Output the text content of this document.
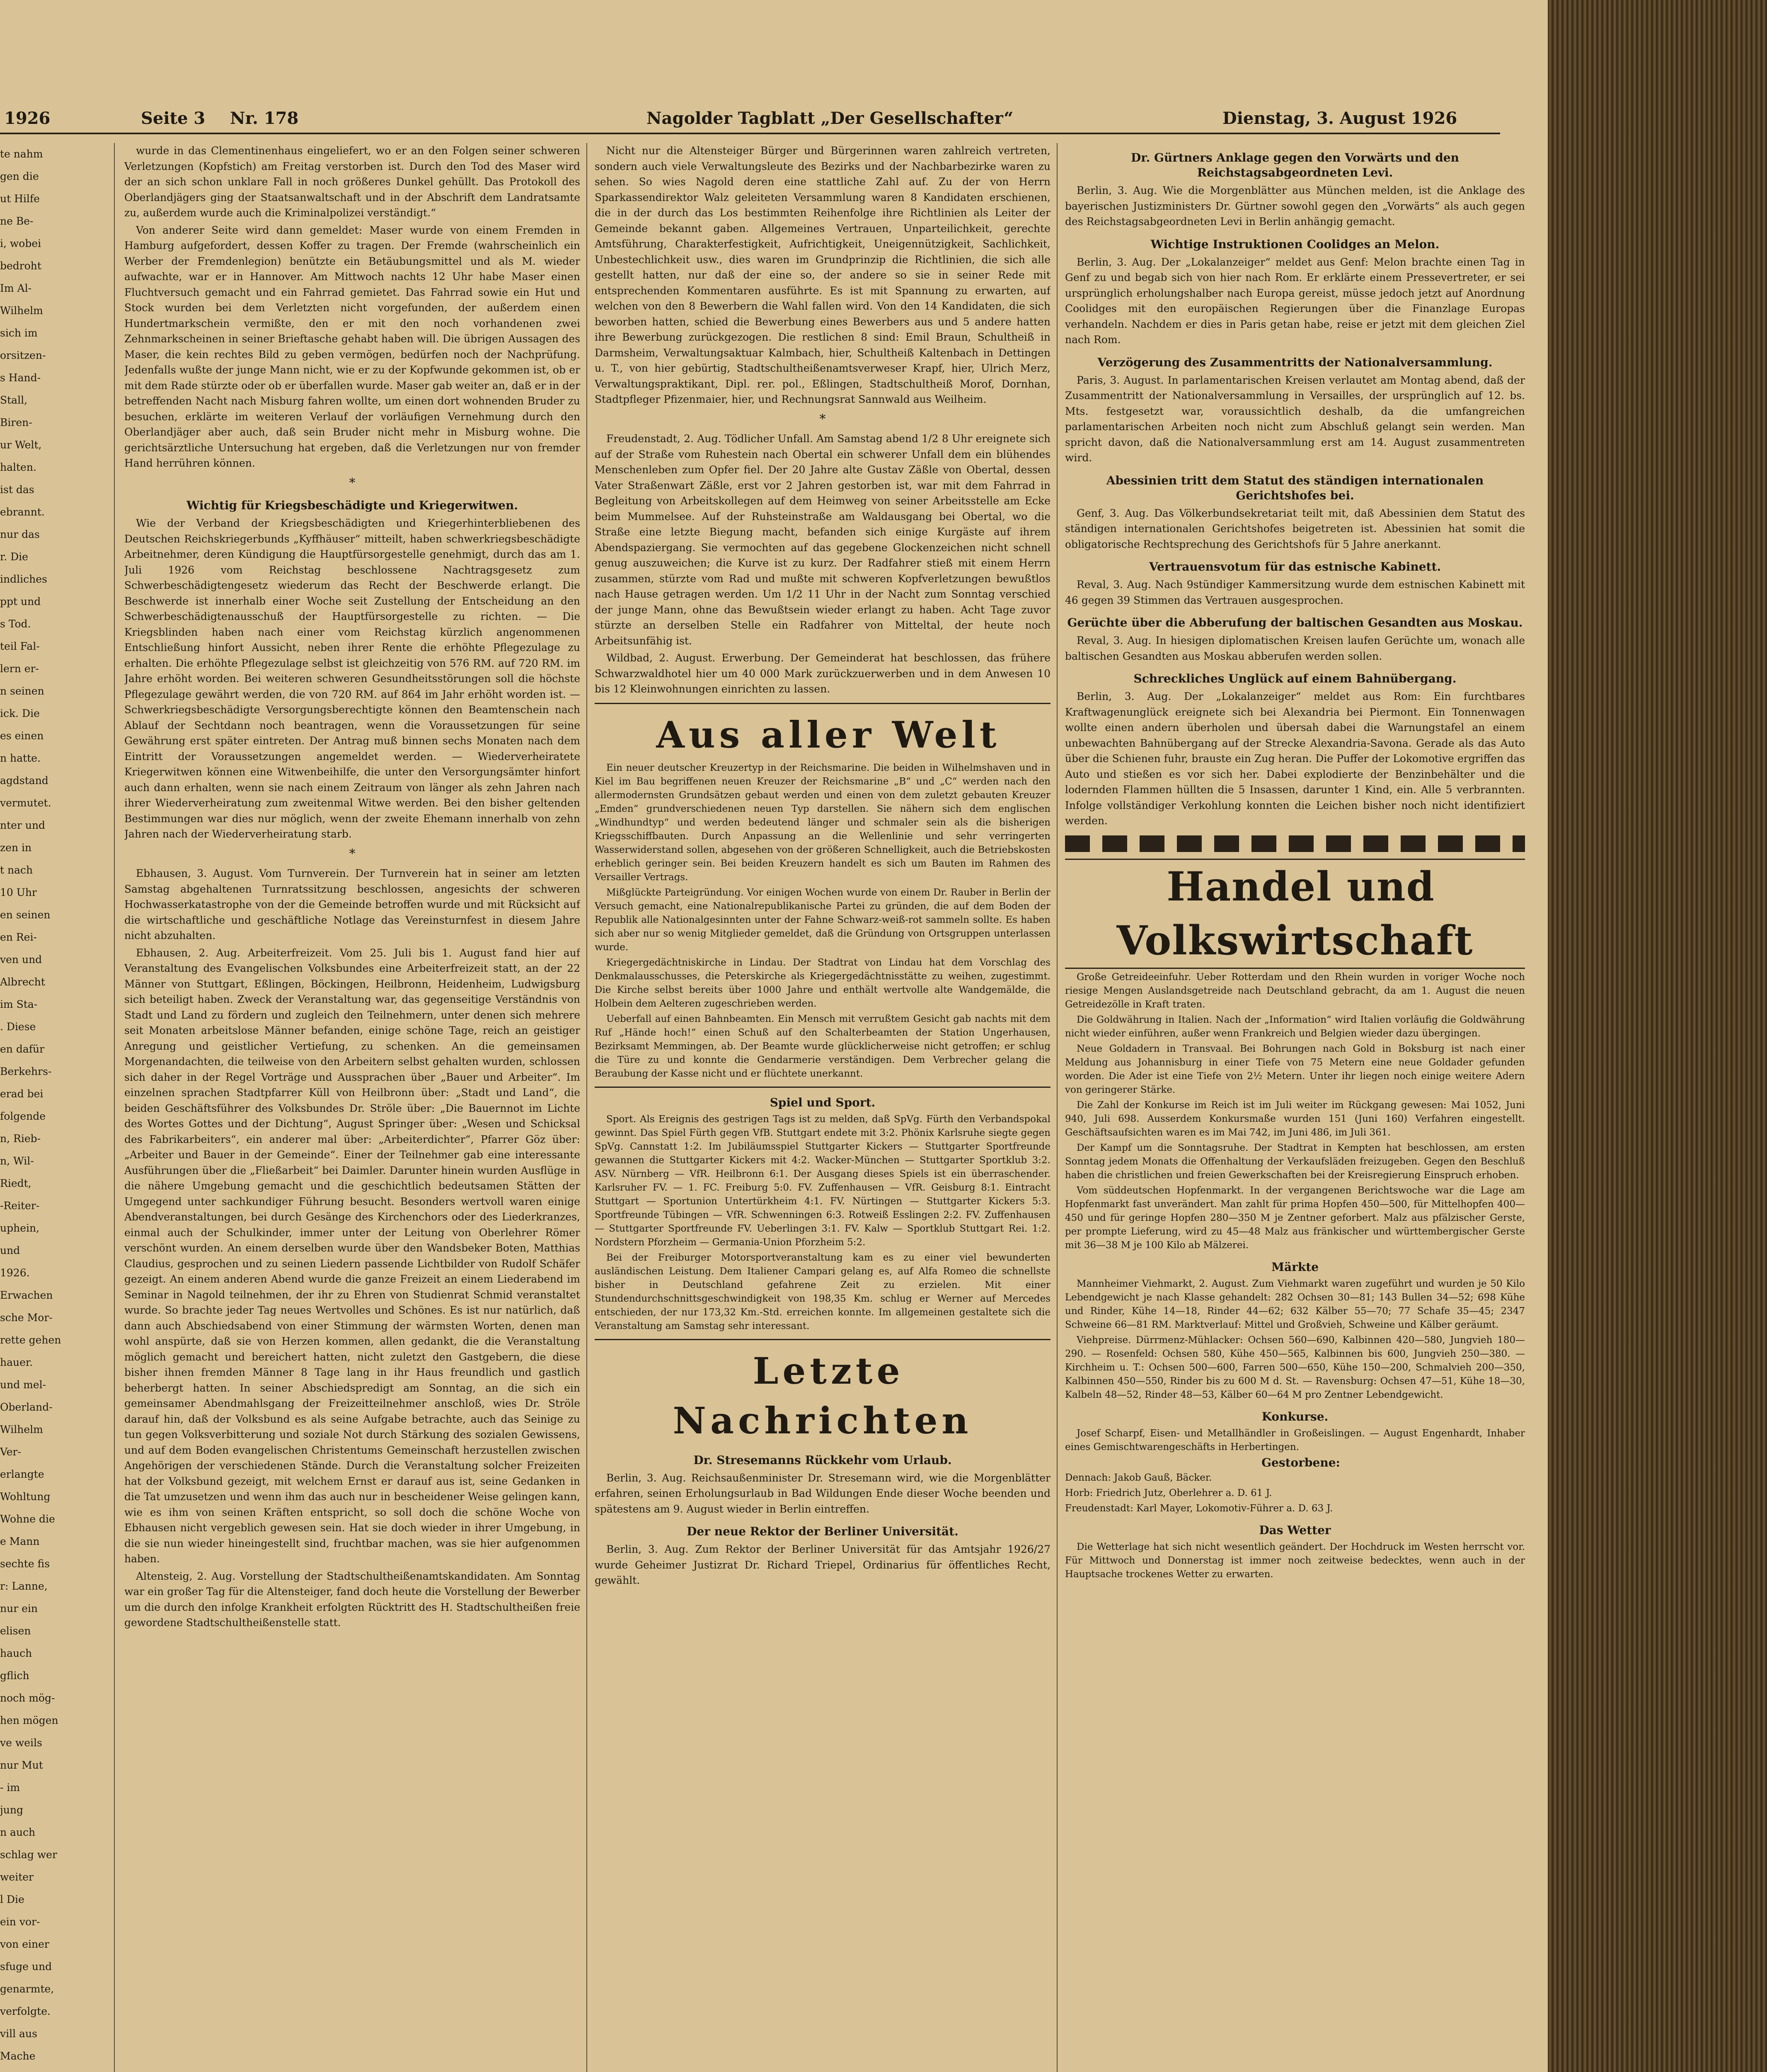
1926	Seite 3 Nr. 178	Nagolder Tagblatt „Der Gesellschafter“	Dienstag, 3. August 1926
te nahm
gen die
ut Hilfe
ne Be-
i, wobei
bedroht
Im Al-
Wilhelm
sich im
orsitzen-
s Hand-
Stall,
Biren-
ur Welt,
halten.
ist das
ebrannt.
nur das
r. Die
indliches
ppt und
s Tod.
teil Fal-
lern er-
n seinen
ick. Die
es einen
n hatte.
agdstand
vermutet.
nter und
zen in
t nach
10 Uhr
en seinen
en Rei-
ven und
Albrecht
im Sta-
. Diese
en dafür
Berkehrs-
erad bei
folgende
n, Rieb-
n, Wil-
Riedt,
-Reiter-
uphein,
und
1926.
Erwachen
sche Mor-
rette gehen
hauer.
und mel-
Oberland-
Wilhelm
Ver-
erlangte
Wohltung
Wohne die
e Mann
sechte fis
r: Lanne,
nur ein
elisen
hauch
gflich
noch mög-
hen mögen
ve weils
nur Mut
- im
jung
n auch
schlag wer
weiter
l Die
ein vor-
von einer
sfuge und
genarmte,
verfolgte.
vill aus
Mache

wurde in das Clementinenhaus eingeliefert, wo er an den Folgen seiner schweren Verletzungen (Kopfstich) am Freitag verstorben ist. Durch den Tod des Maser wird der an sich schon unklare Fall in noch größeres Dunkel gehüllt. Das Protokoll des Oberlandjägers ging der Staatsanwaltschaft und in der Abschrift dem Landratsamte zu, außerdem wurde auch die Kriminalpolizei verständigt.“

Von anderer Seite wird dann gemeldet: Maser wurde von einem Fremden in Hamburg aufgefordert, dessen Koffer zu tragen. Der Fremde (wahrscheinlich ein Werber der Fremdenlegion) benützte ein Betäubungsmittel und als M. wieder aufwachte, war er in Hannover. Am Mittwoch nachts 12 Uhr habe Maser einen Fluchtversuch gemacht und ein Fahrrad gemietet. Das Fahrrad sowie ein Hut und Stock wurden bei dem Verletzten nicht vorgefunden, der außerdem einen Hundertmarkschein vermißte, den er mit den noch vorhandenen zwei Zehnmarkscheinen in seiner Brieftasche gehabt haben will. Die übrigen Aussagen des Maser, die kein rechtes Bild zu geben vermögen, bedürfen noch der Nachprüfung. Jedenfalls wußte der junge Mann nicht, wie er zu der Kopfwunde gekommen ist, ob er mit dem Rade stürzte oder ob er überfallen wurde. Maser gab weiter an, daß er in der betreffenden Nacht nach Misburg fahren wollte, um einen dort wohnenden Bruder zu besuchen, erklärte im weiteren Verlauf der vorläufigen Vernehmung durch den Oberlandjäger aber auch, daß sein Bruder nicht mehr in Misburg wohne. Die gerichtsärztliche Untersuchung hat ergeben, daß die Verletzungen nur von fremder Hand herrühren können.

*

Wichtig für Kriegsbeschädigte und Kriegerwitwen.

Wie der Verband der Kriegsbeschädigten und Kriegerhinterbliebenen des Deutschen Reichskriegerbunds „Kyffhäuser“ mitteilt, haben schwerkriegsbeschädigte Arbeitnehmer, deren Kündigung die Hauptfürsorgestelle genehmigt, durch das am 1. Juli 1926 vom Reichstag beschlossene Nachtragsgesetz zum Schwerbeschädigtengesetz wiederum das Recht der Beschwerde erlangt. Die Beschwerde ist innerhalb einer Woche seit Zustellung der Entscheidung an den Schwerbeschädigtenausschuß der Hauptfürsorgestelle zu richten. — Die Kriegsblinden haben nach einer vom Reichstag kürzlich angenommenen Entschließung hinfort Aussicht, neben ihrer Rente die erhöhte Pflegezulage zu erhalten. Die erhöhte Pflegezulage selbst ist gleichzeitig von 576 RM. auf 720 RM. im Jahre erhöht worden. Bei weiteren schweren Gesundheitsstörungen soll die höchste Pflegezulage gewährt werden, die von 720 RM. auf 864 im Jahr erhöht worden ist. — Schwerkriegsbeschädigte Versorgungsberechtigte können den Beamtenschein nach Ablauf der Sechtdann noch beantragen, wenn die Voraussetzungen für seine Gewährung erst später eintreten. Der Antrag muß binnen sechs Monaten nach dem Eintritt der Voraussetzungen angemeldet werden. — Wiederverheiratete Kriegerwitwen können eine Witwenbeihilfe, die unter den Versorgungsämter hinfort auch dann erhalten, wenn sie nach einem Zeitraum von länger als zehn Jahren nach ihrer Wiederverheiratung zum zweitenmal Witwe werden. Bei den bisher geltenden Bestimmungen war dies nur möglich, wenn der zweite Ehemann innerhalb von zehn Jahren nach der Wiederverheiratung starb.

*

Ebhausen, 3. August. Vom Turnverein. Der Turnverein hat in seiner am letzten Samstag abgehaltenen Turnratssitzung beschlossen, angesichts der schweren Hochwasserkatastrophe von der die Gemeinde betroffen wurde und mit Rücksicht auf die wirtschaftliche und geschäftliche Notlage das Vereinsturnfest in diesem Jahre nicht abzuhalten.

Ebhausen, 2. Aug. Arbeiterfreizeit. Vom 25. Juli bis 1. August fand hier auf Veranstaltung des Evangelischen Volksbundes eine Arbeiterfreizeit statt, an der 22 Männer von Stuttgart, Eßlingen, Böckingen, Heilbronn, Heidenheim, Ludwigsburg sich beteiligt haben. Zweck der Veranstaltung war, das gegenseitige Verständnis von Stadt und Land zu fördern und zugleich den Teilnehmern, unter denen sich mehrere seit Monaten arbeitslose Männer befanden, einige schöne Tage, reich an geistiger Anregung und geistlicher Vertiefung, zu schenken. An die gemeinsamen Morgenandachten, die teilweise von den Arbeitern selbst gehalten wurden, schlossen sich daher in der Regel Vorträge und Aussprachen über „Bauer und Arbeiter“. Im einzelnen sprachen Stadtpfarrer Küll von Heilbronn über: „Stadt und Land“, die beiden Geschäftsführer des Volksbundes Dr. Ströle über: „Die Bauernnot im Lichte des Wortes Gottes und der Dichtung“, August Springer über: „Wesen und Schicksal des Fabrikarbeiters“, ein anderer mal über: „Arbeiterdichter“, Pfarrer Göz über: „Arbeiter und Bauer in der Gemeinde“. Einer der Teilnehmer gab eine interessante Ausführungen über die „Fließarbeit“ bei Daimler. Darunter hinein wurden Ausflüge in die nähere Umgebung gemacht und die geschichtlich bedeutsamen Stätten der Umgegend unter sachkundiger Führung besucht. Besonders wertvoll waren einige Abendveranstaltungen, bei durch Gesänge des Kirchenchors oder des Liederkranzes, einmal auch der Schulkinder, immer unter der Leitung von Oberlehrer Römer verschönt wurden. An einem derselben wurde über den Wandsbeker Boten, Matthias Claudius, gesprochen und zu seinen Liedern passende Lichtbilder von Rudolf Schäfer gezeigt. An einem anderen Abend wurde die ganze Freizeit an einem Liederabend im Seminar in Nagold teilnehmen, der ihr zu Ehren von Studienrat Schmid veranstaltet wurde. So brachte jeder Tag neues Wertvolles und Schönes. Es ist nur natürlich, daß dann auch Abschiedsabend von einer Stimmung der wärmsten Worten, denen man wohl anspürte, daß sie von Herzen kommen, allen gedankt, die die Veranstaltung möglich gemacht und bereichert hatten, nicht zuletzt den Gastgebern, die diese bisher ihnen fremden Männer 8 Tage lang in ihr Haus freundlich und gastlich beherbergt hatten. In seiner Abschiedspredigt am Sonntag, an die sich ein gemeinsamer Abendmahlsgang der Freizeitteilnehmer anschloß, wies Dr. Ströle darauf hin, daß der Volksbund es als seine Aufgabe betrachte, auch das Seinige zu tun gegen Volksverbitterung und soziale Not durch Stärkung des sozialen Gewissens, und auf dem Boden evangelischen Christentums Gemeinschaft herzustellen zwischen Angehörigen der verschiedenen Stände. Durch die Veranstaltung solcher Freizeiten hat der Volksbund gezeigt, mit welchem Ernst er darauf aus ist, seine Gedanken in die Tat umzusetzen und wenn ihm das auch nur in bescheidener Weise gelingen kann, wie es ihm von seinen Kräften entspricht, so soll doch die schöne Woche von Ebhausen nicht vergeblich gewesen sein. Hat sie doch wieder in ihrer Umgebung, in die sie nun wieder hineingestellt sind, fruchtbar machen, was sie hier aufgenommen haben.

Altensteig, 2. Aug. Vorstellung der Stadtschultheißenamtskandidaten. Am Sonntag war ein großer Tag für die Altensteiger, fand doch heute die Vorstellung der Bewerber um die durch den infolge Krankheit erfolgten Rücktritt des H. Stadtschultheißen freie gewordene Stadtschultheißenstelle statt.

Nicht nur die Altensteiger Bürger und Bürgerinnen waren zahlreich vertreten, sondern auch viele Verwaltungsleute des Bezirks und der Nachbarbezirke waren zu sehen. So wies Nagold deren eine stattliche Zahl auf. Zu der von Herrn Sparkassendirektor Walz geleiteten Versammlung waren 8 Kandidaten erschienen, die in der durch das Los bestimmten Reihenfolge ihre Richtlinien als Leiter der Gemeinde bekannt gaben. Allgemeines Vertrauen, Unparteilichkeit, gerechte Amtsführung, Charakterfestigkeit, Aufrichtigkeit, Uneigennützigkeit, Sachlichkeit, Unbestechlichkeit usw., dies waren im Grundprinzip die Richtlinien, die sich alle gestellt hatten, nur daß der eine so, der andere so sie in seiner Rede mit entsprechenden Kommentaren ausführte. Es ist mit Spannung zu erwarten, auf welchen von den 8 Bewerbern die Wahl fallen wird. Von den 14 Kandidaten, die sich beworben hatten, schied die Bewerbung eines Bewerbers aus und 5 andere hatten ihre Bewerbung zurückgezogen. Die restlichen 8 sind: Emil Braun, Schultheiß in Darmsheim, Verwaltungsaktuar Kalmbach, hier, Schultheiß Kaltenbach in Dettingen u. T., von hier gebürtig, Stadtschultheißenamtsverweser Krapf, hier, Ulrich Merz, Verwaltungspraktikant, Dipl. rer. pol., Eßlingen, Stadtschultheiß Morof, Dornhan, Stadtpfleger Pfizenmaier, hier, und Rechnungsrat Sannwald aus Weilheim.

*

Freudenstadt, 2. Aug. Tödlicher Unfall. Am Samstag abend 1/2 8 Uhr ereignete sich auf der Straße vom Ruhestein nach Obertal ein schwerer Unfall dem ein blühendes Menschenleben zum Opfer fiel. Der 20 Jahre alte Gustav Zäßle von Obertal, dessen Vater Straßenwart Zäßle, erst vor 2 Jahren gestorben ist, war mit dem Fahrrad in Begleitung von Arbeitskollegen auf dem Heimweg von seiner Arbeitsstelle am Ecke beim Mummelsee. Auf der Ruhsteinstraße am Waldausgang bei Obertal, wo die Straße eine letzte Biegung macht, befanden sich einige Kurgäste auf ihrem Abendspaziergang. Sie vermochten auf das gegebene Glockenzeichen nicht schnell genug auszuweichen; die Kurve ist zu kurz. Der Radfahrer stieß mit einem Herrn zusammen, stürzte vom Rad und mußte mit schweren Kopfverletzungen bewußtlos nach Hause getragen werden. Um 1/2 11 Uhr in der Nacht zum Sonntag verschied der junge Mann, ohne das Bewußtsein wieder erlangt zu haben. Acht Tage zuvor stürzte an derselben Stelle ein Radfahrer von Mitteltal, der heute noch Arbeitsunfähig ist.

Wildbad, 2. August. Erwerbung. Der Gemeinderat hat beschlossen, das frühere Schwarzwaldhotel hier um 40 000 Mark zurückzuerwerben und in dem Anwesen 10 bis 12 Kleinwohnungen einrichten zu lassen.

Aus aller Welt

Ein neuer deutscher Kreuzertyp in der Reichsmarine. Die beiden in Wilhelmshaven und in Kiel im Bau begriffenen neuen Kreuzer der Reichsmarine „B“ und „C“ werden nach den allermodernsten Grundsätzen gebaut werden und einen von dem zuletzt gebauten Kreuzer „Emden“ grundverschiedenen neuen Typ darstellen. Sie nähern sich dem englischen „Windhundtyp“ und werden bedeutend länger und schmaler sein als die bisherigen Kriegsschiffbauten. Durch Anpassung an die Wellenlinie und sehr verringerten Wasserwiderstand sollen, abgesehen von der größeren Schnelligkeit, auch die Betriebskosten erheblich geringer sein. Bei beiden Kreuzern handelt es sich um Bauten im Rahmen des Versailler Vertrags.

Mißglückte Parteigründung. Vor einigen Wochen wurde von einem Dr. Rauber in Berlin der Versuch gemacht, eine Nationalrepublikanische Partei zu gründen, die auf dem Boden der Republik alle Nationalgesinnten unter der Fahne Schwarz-weiß-rot sammeln sollte. Es haben sich aber nur so wenig Mitglieder gemeldet, daß die Gründung von Ortsgruppen unterlassen wurde.

Kriegergedächtniskirche in Lindau. Der Stadtrat von Lindau hat dem Vorschlag des Denkmalausschusses, die Peterskirche als Kriegergedächtnisstätte zu weihen, zugestimmt. Die Kirche selbst bereits über 1000 Jahre und enthält wertvolle alte Wandgemälde, die Holbein dem Aelteren zugeschrieben werden.

Ueberfall auf einen Bahnbeamten. Ein Mensch mit verrußtem Gesicht gab nachts mit dem Ruf „Hände hoch!“ einen Schuß auf den Schalterbeamten der Station Ungerhausen, Bezirksamt Memmingen, ab. Der Beamte wurde glücklicherweise nicht getroffen; er schlug die Türe zu und konnte die Gendarmerie verständigen. Dem Verbrecher gelang die Beraubung der Kasse nicht und er flüchtete unerkannt.

Spiel und Sport.

Sport. Als Ereignis des gestrigen Tags ist zu melden, daß SpVg. Fürth den Verbandspokal gewinnt. Das Spiel Fürth gegen VfB. Stuttgart endete mit 3:2. Phönix Karlsruhe siegte gegen SpVg. Cannstatt 1:2. Im Jubiläumsspiel Stuttgarter Kickers — Stuttgarter Sportfreunde gewannen die Stuttgarter Kickers mit 4:2. Wacker-München — Stuttgarter Sportklub 3:2. ASV. Nürnberg — VfR. Heilbronn 6:1. Der Ausgang dieses Spiels ist ein überraschender. Karlsruher FV. — 1. FC. Freiburg 5:0. FV. Zuffenhausen — VfR. Geisburg 8:1. Eintracht Stuttgart — Sportunion Untertürkheim 4:1. FV. Nürtingen — Stuttgarter Kickers 5:3. Sportfreunde Tübingen — VfR. Schwenningen 6:3. Rotweiß Esslingen 2:2. FV. Zuffenhausen — Stuttgarter Sportfreunde FV. Ueberlingen 3:1. FV. Kalw — Sportklub Stuttgart Rei. 1:2. Nordstern Pforzheim — Germania-Union Pforzheim 5:2.

Bei der Freiburger Motorsportveranstaltung kam es zu einer viel bewunderten ausländischen Leistung. Dem Italiener Campari gelang es, auf Alfa Romeo die schnellste bisher in Deutschland gefahrene Zeit zu erzielen. Mit einer Stundendurchschnittsgeschwindigkeit von 198,35 Km. schlug er Werner auf Mercedes entschieden, der nur 173,32 Km.-Std. erreichen konnte. Im allgemeinen gestaltete sich die Veranstaltung am Samstag sehr interessant.

Letzte Nachrichten

Dr. Stresemanns Rückkehr vom Urlaub.

Berlin, 3. Aug. Reichsaußenminister Dr. Stresemann wird, wie die Morgenblätter erfahren, seinen Erholungsurlaub in Bad Wildungen Ende dieser Woche beenden und spätestens am 9. August wieder in Berlin eintreffen.

Der neue Rektor der Berliner Universität.

Berlin, 3. Aug. Zum Rektor der Berliner Universität für das Amtsjahr 1926/27 wurde Geheimer Justizrat Dr. Richard Triepel, Ordinarius für öffentliches Recht, gewählt.

Dr. Gürtners Anklage gegen den Vorwärts und den Reichstagsabgeordneten Levi.

Berlin, 3. Aug. Wie die Morgenblätter aus München melden, ist die Anklage des bayerischen Justizministers Dr. Gürtner sowohl gegen den „Vorwärts“ als auch gegen des Reichstagsabgeordneten Levi in Berlin anhängig gemacht.

Wichtige Instruktionen Coolidges an Melon.

Berlin, 3. Aug. Der „Lokalanzeiger“ meldet aus Genf: Melon brachte einen Tag in Genf zu und begab sich von hier nach Rom. Er erklärte einem Pressevertreter, er sei ursprünglich erholungshalber nach Europa gereist, müsse jedoch jetzt auf Anordnung Coolidges mit den europäischen Regierungen über die Finanzlage Europas verhandeln. Nachdem er dies in Paris getan habe, reise er jetzt mit dem gleichen Ziel nach Rom.

Verzögerung des Zusammentritts der Nationalversammlung.

Paris, 3. August. In parlamentarischen Kreisen verlautet am Montag abend, daß der Zusammentritt der Nationalversammlung in Versailles, der ursprünglich auf 12. bs. Mts. festgesetzt war, voraussichtlich deshalb, da die umfangreichen parlamentarischen Arbeiten noch nicht zum Abschluß gelangt sein werden. Man spricht davon, daß die Nationalversammlung erst am 14. August zusammentreten wird.

Abessinien tritt dem Statut des ständigen internationalen Gerichtshofes bei.

Genf, 3. Aug. Das Völkerbundsekretariat teilt mit, daß Abessinien dem Statut des ständigen internationalen Gerichtshofes beigetreten ist. Abessinien hat somit die obligatorische Rechtsprechung des Gerichtshofs für 5 Jahre anerkannt.

Vertrauensvotum für das estnische Kabinett.

Reval, 3. Aug. Nach 9stündiger Kammersitzung wurde dem estnischen Kabinett mit 46 gegen 39 Stimmen das Vertrauen ausgesprochen.

Gerüchte über die Abberufung der baltischen Gesandten aus Moskau.

Reval, 3. Aug. In hiesigen diplomatischen Kreisen laufen Gerüchte um, wonach alle baltischen Gesandten aus Moskau abberufen werden sollen.

Schreckliches Unglück auf einem Bahnübergang.

Berlin, 3. Aug. Der „Lokalanzeiger“ meldet aus Rom: Ein furchtbares Kraftwagenunglück ereignete sich bei Alexandria bei Piermont. Ein Tonnenwagen wollte einen andern überholen und übersah dabei die Warnungstafel an einem unbewachten Bahnübergang auf der Strecke Alexandria-Savona. Gerade als das Auto über die Schienen fuhr, brauste ein Zug heran. Die Puffer der Lokomotive ergriffen das Auto und stießen es vor sich her. Dabei explodierte der Benzinbehälter und die lodernden Flammen hüllten die 5 Insassen, darunter 1 Kind, ein. Alle 5 verbrannten. Infolge vollständiger Verkohlung konnten die Leichen bisher noch nicht identifiziert werden.

Handel und Volkswirtschaft

Große Getreideeinfuhr. Ueber Rotterdam und den Rhein wurden in voriger Woche noch riesige Mengen Auslandsgetreide nach Deutschland gebracht, da am 1. August die neuen Getreidezölle in Kraft traten.

Die Goldwährung in Italien. Nach der „Information“ wird Italien vorläufig die Goldwährung nicht wieder einführen, außer wenn Frankreich und Belgien wieder dazu übergingen.

Neue Goldadern in Transvaal. Bei Bohrungen nach Gold in Boksburg ist nach einer Meldung aus Johannisburg in einer Tiefe von 75 Metern eine neue Goldader gefunden worden. Die Ader ist eine Tiefe von 2½ Metern. Unter ihr liegen noch einige weitere Adern von geringerer Stärke.

Die Zahl der Konkurse im Reich ist im Juli weiter im Rückgang gewesen: Mai 1052, Juni 940, Juli 698. Ausserdem Konkursmaße wurden 151 (Juni 160) Verfahren eingestellt. Geschäftsaufsichten waren es im Mai 742, im Juni 486, im Juli 361.

Der Kampf um die Sonntagsruhe. Der Stadtrat in Kempten hat beschlossen, am ersten Sonntag jedem Monats die Offenhaltung der Verkaufsläden freizugeben. Gegen den Beschluß haben die christlichen und freien Gewerkschaften bei der Kreisregierung Einspruch erhoben.

Vom süddeutschen Hopfenmarkt. In der vergangenen Berichtswoche war die Lage am Hopfenmarkt fast unverändert. Man zahlt für prima Hopfen 450—500, für Mittelhopfen 400—450 und für geringe Hopfen 280—350 M je Zentner geforbert. Malz aus pfälzischer Gerste, per prompte Lieferung, wird zu 45—48 Malz aus fränkischer und württembergischer Gerste mit 36—38 M je 100 Kilo ab Mälzerei.

Märkte

Mannheimer Viehmarkt, 2. August. Zum Viehmarkt waren zugeführt und wurden je 50 Kilo Lebendgewicht je nach Klasse gehandelt: 282 Ochsen 30—81; 143 Bullen 34—52; 698 Kühe und Rinder, Kühe 14—18, Rinder 44—62; 632 Kälber 55—70; 77 Schafe 35—45; 2347 Schweine 66—81 RM. Marktverlauf: Mittel und Großvieh, Schweine und Kälber geräumt.

Viehpreise. Dürrmenz-Mühlacker: Ochsen 560—690, Kalbinnen 420—580, Jungvieh 180—290. — Rosenfeld: Ochsen 580, Kühe 450—565, Kalbinnen bis 600, Jungvieh 250—380. — Kirchheim u. T.: Ochsen 500—600, Farren 500—650, Kühe 150—200, Schmalvieh 200—350, Kalbinnen 450—550, Rinder bis zu 600 M d. St. — Ravensburg: Ochsen 47—51, Kühe 18—30, Kalbeln 48—52, Rinder 48—53, Kälber 60—64 M pro Zentner Lebendgewicht.

Konkurse.

Josef Scharpf, Eisen- und Metallhändler in Großeislingen. — August Engenhardt, Inhaber eines Gemischtwarengeschäfts in Herbertingen.

Gestorbene:

Dennach: Jakob Gauß, Bäcker.

Horb: Friedrich Jutz, Oberlehrer a. D. 61 J.

Freudenstadt: Karl Mayer, Lokomotiv-Führer a. D. 63 J.

Das Wetter

Die Wetterlage hat sich nicht wesentlich geändert. Der Hochdruck im Westen herrscht vor. Für Mittwoch und Donnerstag ist immer noch zeitweise bedecktes, wenn auch in der Hauptsache trockenes Wetter zu erwarten.
